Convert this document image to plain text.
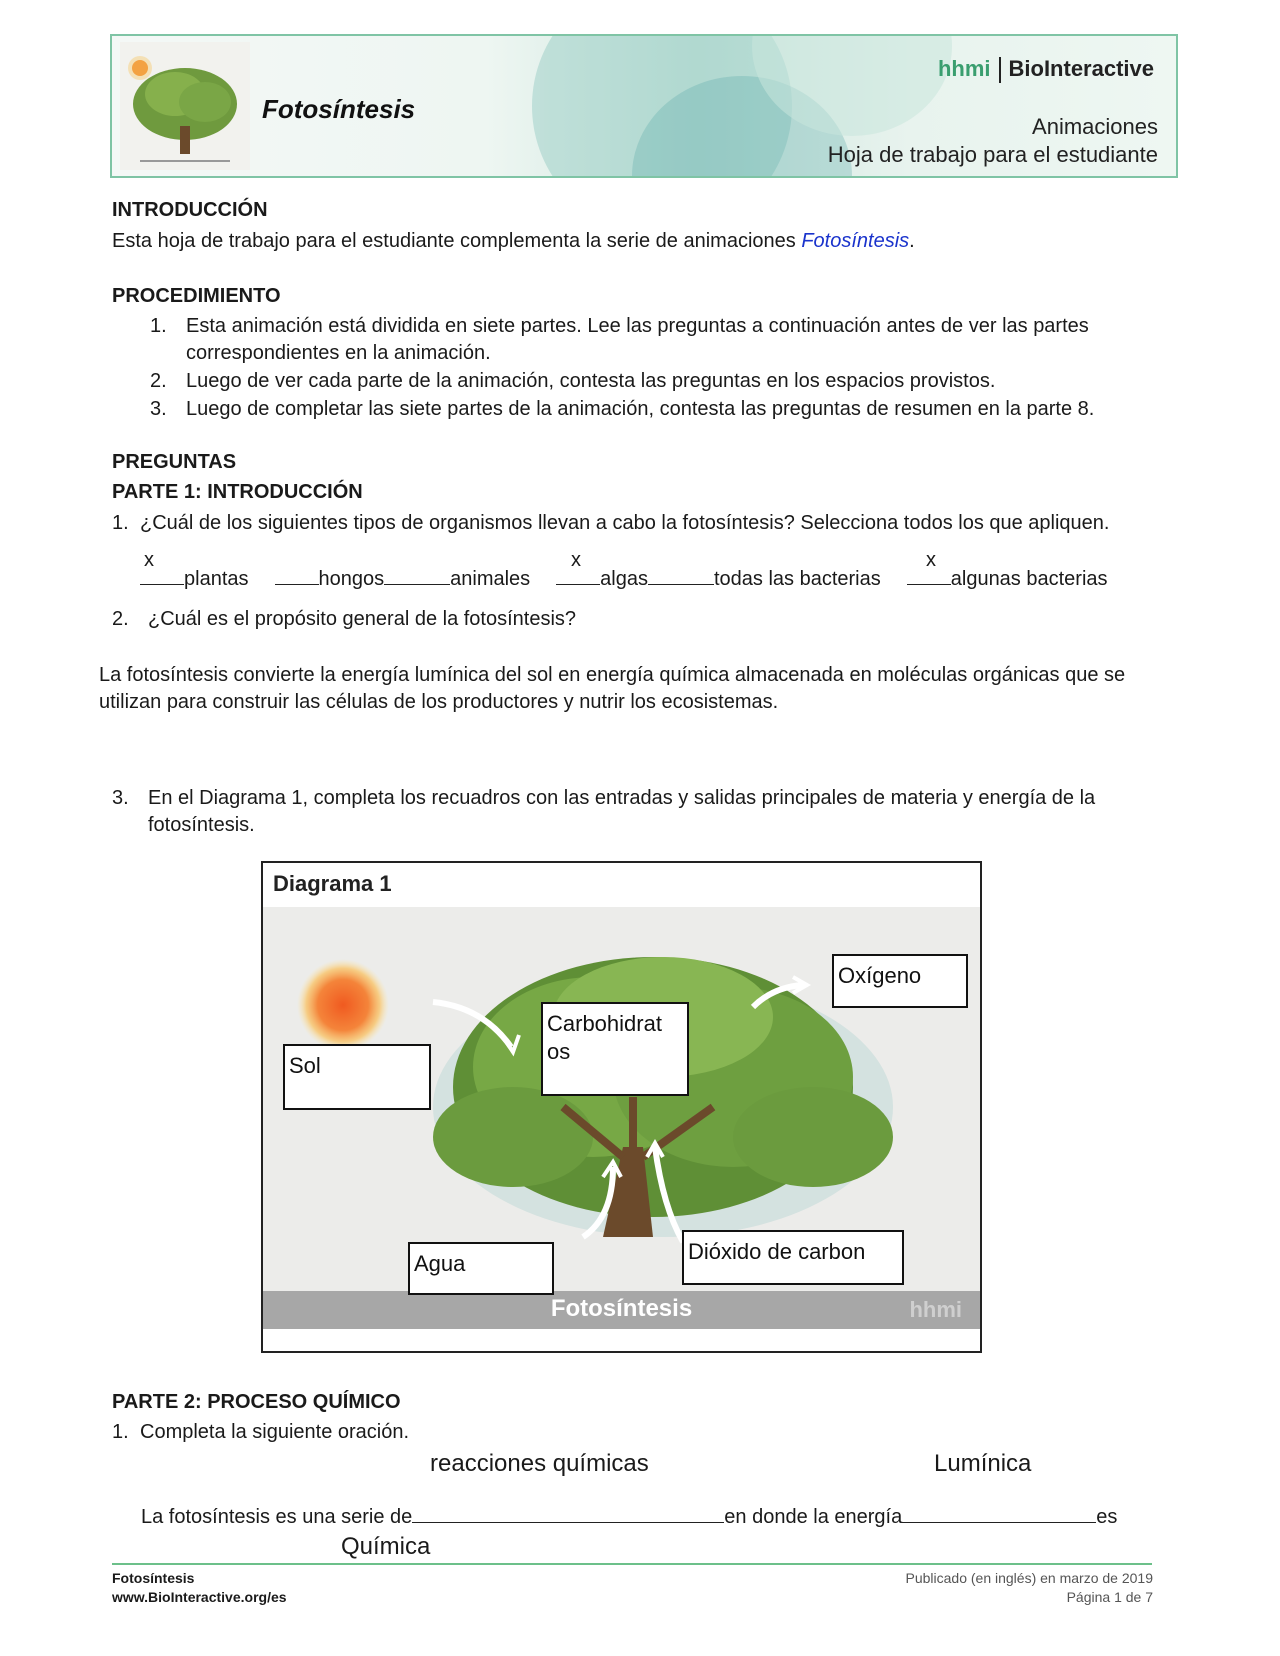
Fotosíntesis
hhmi BioInteractive
Animaciones
Hoja de trabajo para el estudiante
INTRODUCCIÓN
Esta hoja de trabajo para el estudiante complementa la serie de animaciones Fotosíntesis.
PROCEDIMIENTO
1. Esta animación está dividida en siete partes. Lee las preguntas a continuación antes de ver las partes
correspondientes en la animación.
2. Luego de ver cada parte de la animación, contesta las preguntas en los espacios provistos.
3. Luego de completar las siete partes de la animación, contesta las preguntas de resumen en la parte 8.
PREGUNTAS
PARTE 1: INTRODUCCIÓN
1. ¿Cuál de los siguientes tipos de organismos llevan a cabo la fotosíntesis? Selecciona todos los que apliquen.
x	x	x
plantas	hongos	animales	algas	todas las bacterias	algunas bacterias
2. ¿Cuál es el propósito general de la fotosíntesis?
La fotosíntesis convierte la energía lumínica del sol en energía química almacenada en moléculas orgánicas que se
utilizan para construir las células de los productores y nutrir los ecosistemas.
3. En el Diagrama 1, completa los recuadros con las entradas y salidas principales de materia y energía de la
fotosíntesis.
Diagrama 1
Fotosíntesis	hhmi
Sol
Carbohidrat
os
Oxígeno
Agua	Dióxido de carbon
PARTE 2: PROCESO QUÍMICO
1. Completa la siguiente oración.
reacciones químicas	Lumínica
La fotosíntesis es una serie de	en donde la energía	es
Química
Fotosíntesis
www.BioInteractive.org/es
Publicado (en inglés) en marzo de 2019
Página 1 de 7
